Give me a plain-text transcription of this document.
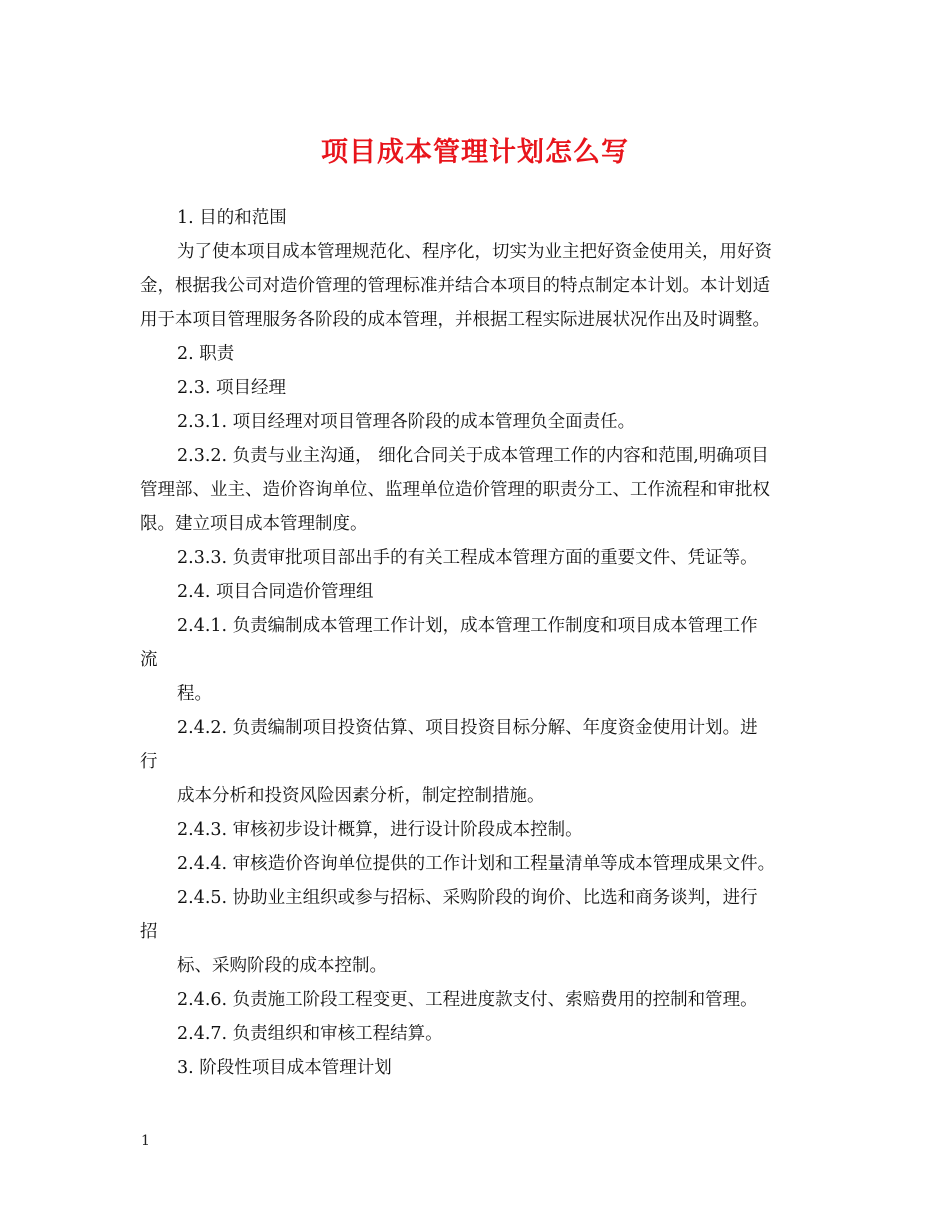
项目成本管理计划怎么写
1. 目的和范围
为了使本项目成本管理规范化、程序化，切实为业主把好资金使用关，用好资
金，根据我公司对造价管理的管理标准并结合本项目的特点制定本计划。本计划适
用于本项目管理服务各阶段的成本管理，并根据工程实际进展状况作出及时调整。
2. 职责
2.3. 项目经理
2.3.1. 项目经理对项目管理各阶段的成本管理负全面责任。
2.3.2. 负责与业主沟通， 细化合同关于成本管理工作的内容和范围,明确项目
管理部、业主、造价咨询单位、监理单位造价管理的职责分工、工作流程和审批权
限。建立项目成本管理制度。
2.3.3. 负责审批项目部出手的有关工程成本管理方面的重要文件、凭证等。
2.4. 项目合同造价管理组
2.4.1. 负责编制成本管理工作计划，成本管理工作制度和项目成本管理工作
流
程。
2.4.2. 负责编制项目投资估算、项目投资目标分解、年度资金使用计划。进
行
成本分析和投资风险因素分析，制定控制措施。
2.4.3. 审核初步设计概算，进行设计阶段成本控制。
2.4.4. 审核造价咨询单位提供的工作计划和工程量清单等成本管理成果文件。
2.4.5. 协助业主组织或参与招标、采购阶段的询价、比选和商务谈判，进行
招
标、采购阶段的成本控制。
2.4.6. 负责施工阶段工程变更、工程进度款支付、索赔费用的控制和管理。
2.4.7. 负责组织和审核工程结算。
3. 阶段性项目成本管理计划
1
